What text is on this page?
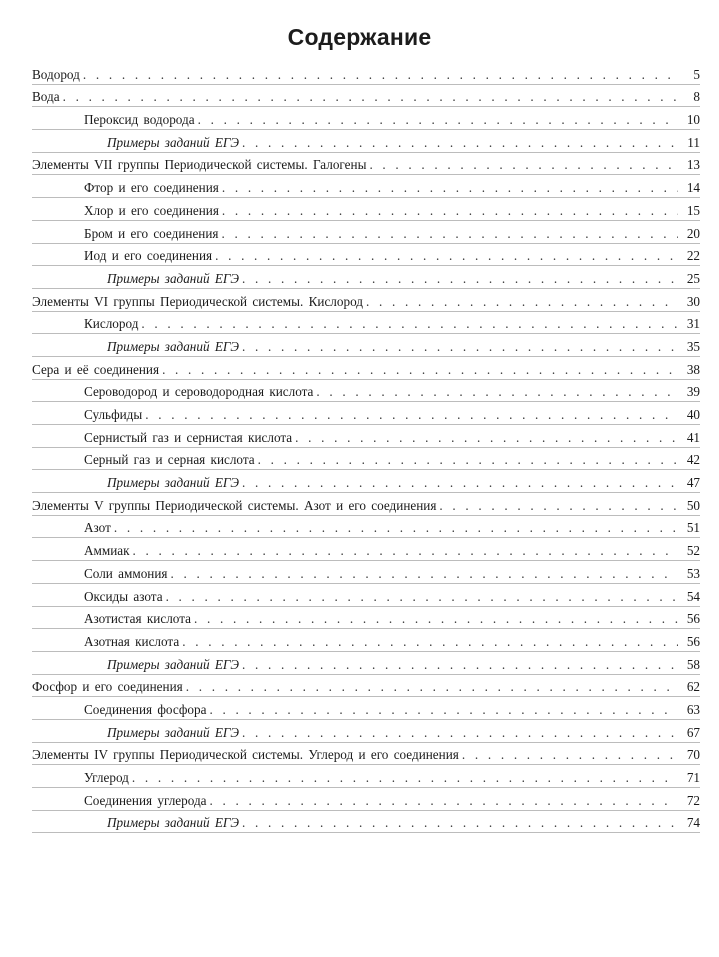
Содержание
Водород . . .	5
Вода . . .	8
Пероксид водорода . . .	10
Примеры заданий ЕГЭ . . .	11
Элементы VII группы Периодической системы. Галогены . . .	13
Фтор и его соединения . . .	14
Хлор и его соединения . . .	15
Бром и его соединения . . .	20
Иод и его соединения . . .	22
Примеры заданий ЕГЭ . . .	25
Элементы VI группы Периодической системы. Кислород . . .	30
Кислород . . .	31
Примеры заданий ЕГЭ . . .	35
Сера и её соединения . . .	38
Сероводород и сероводородная кислота . . .	39
Сульфиды . . .	40
Сернистый газ и сернистая кислота . . .	41
Серный газ и серная кислота . . .	42
Примеры заданий ЕГЭ . . .	47
Элементы V группы Периодической системы. Азот и его соединения . . .	50
Азот . . .	51
Аммиак . . .	52
Соли аммония . . .	53
Оксиды азота . . .	54
Азотистая кислота . . .	56
Азотная кислота . . .	56
Примеры заданий ЕГЭ . . .	58
Фосфор и его соединения . . .	62
Соединения фосфора . . .	63
Примеры заданий ЕГЭ . . .	67
Элементы IV группы Периодической системы. Углерод и его соединения . . .	70
Углерод . . .	71
Соединения углерода . . .	72
Примеры заданий ЕГЭ . . .	74
